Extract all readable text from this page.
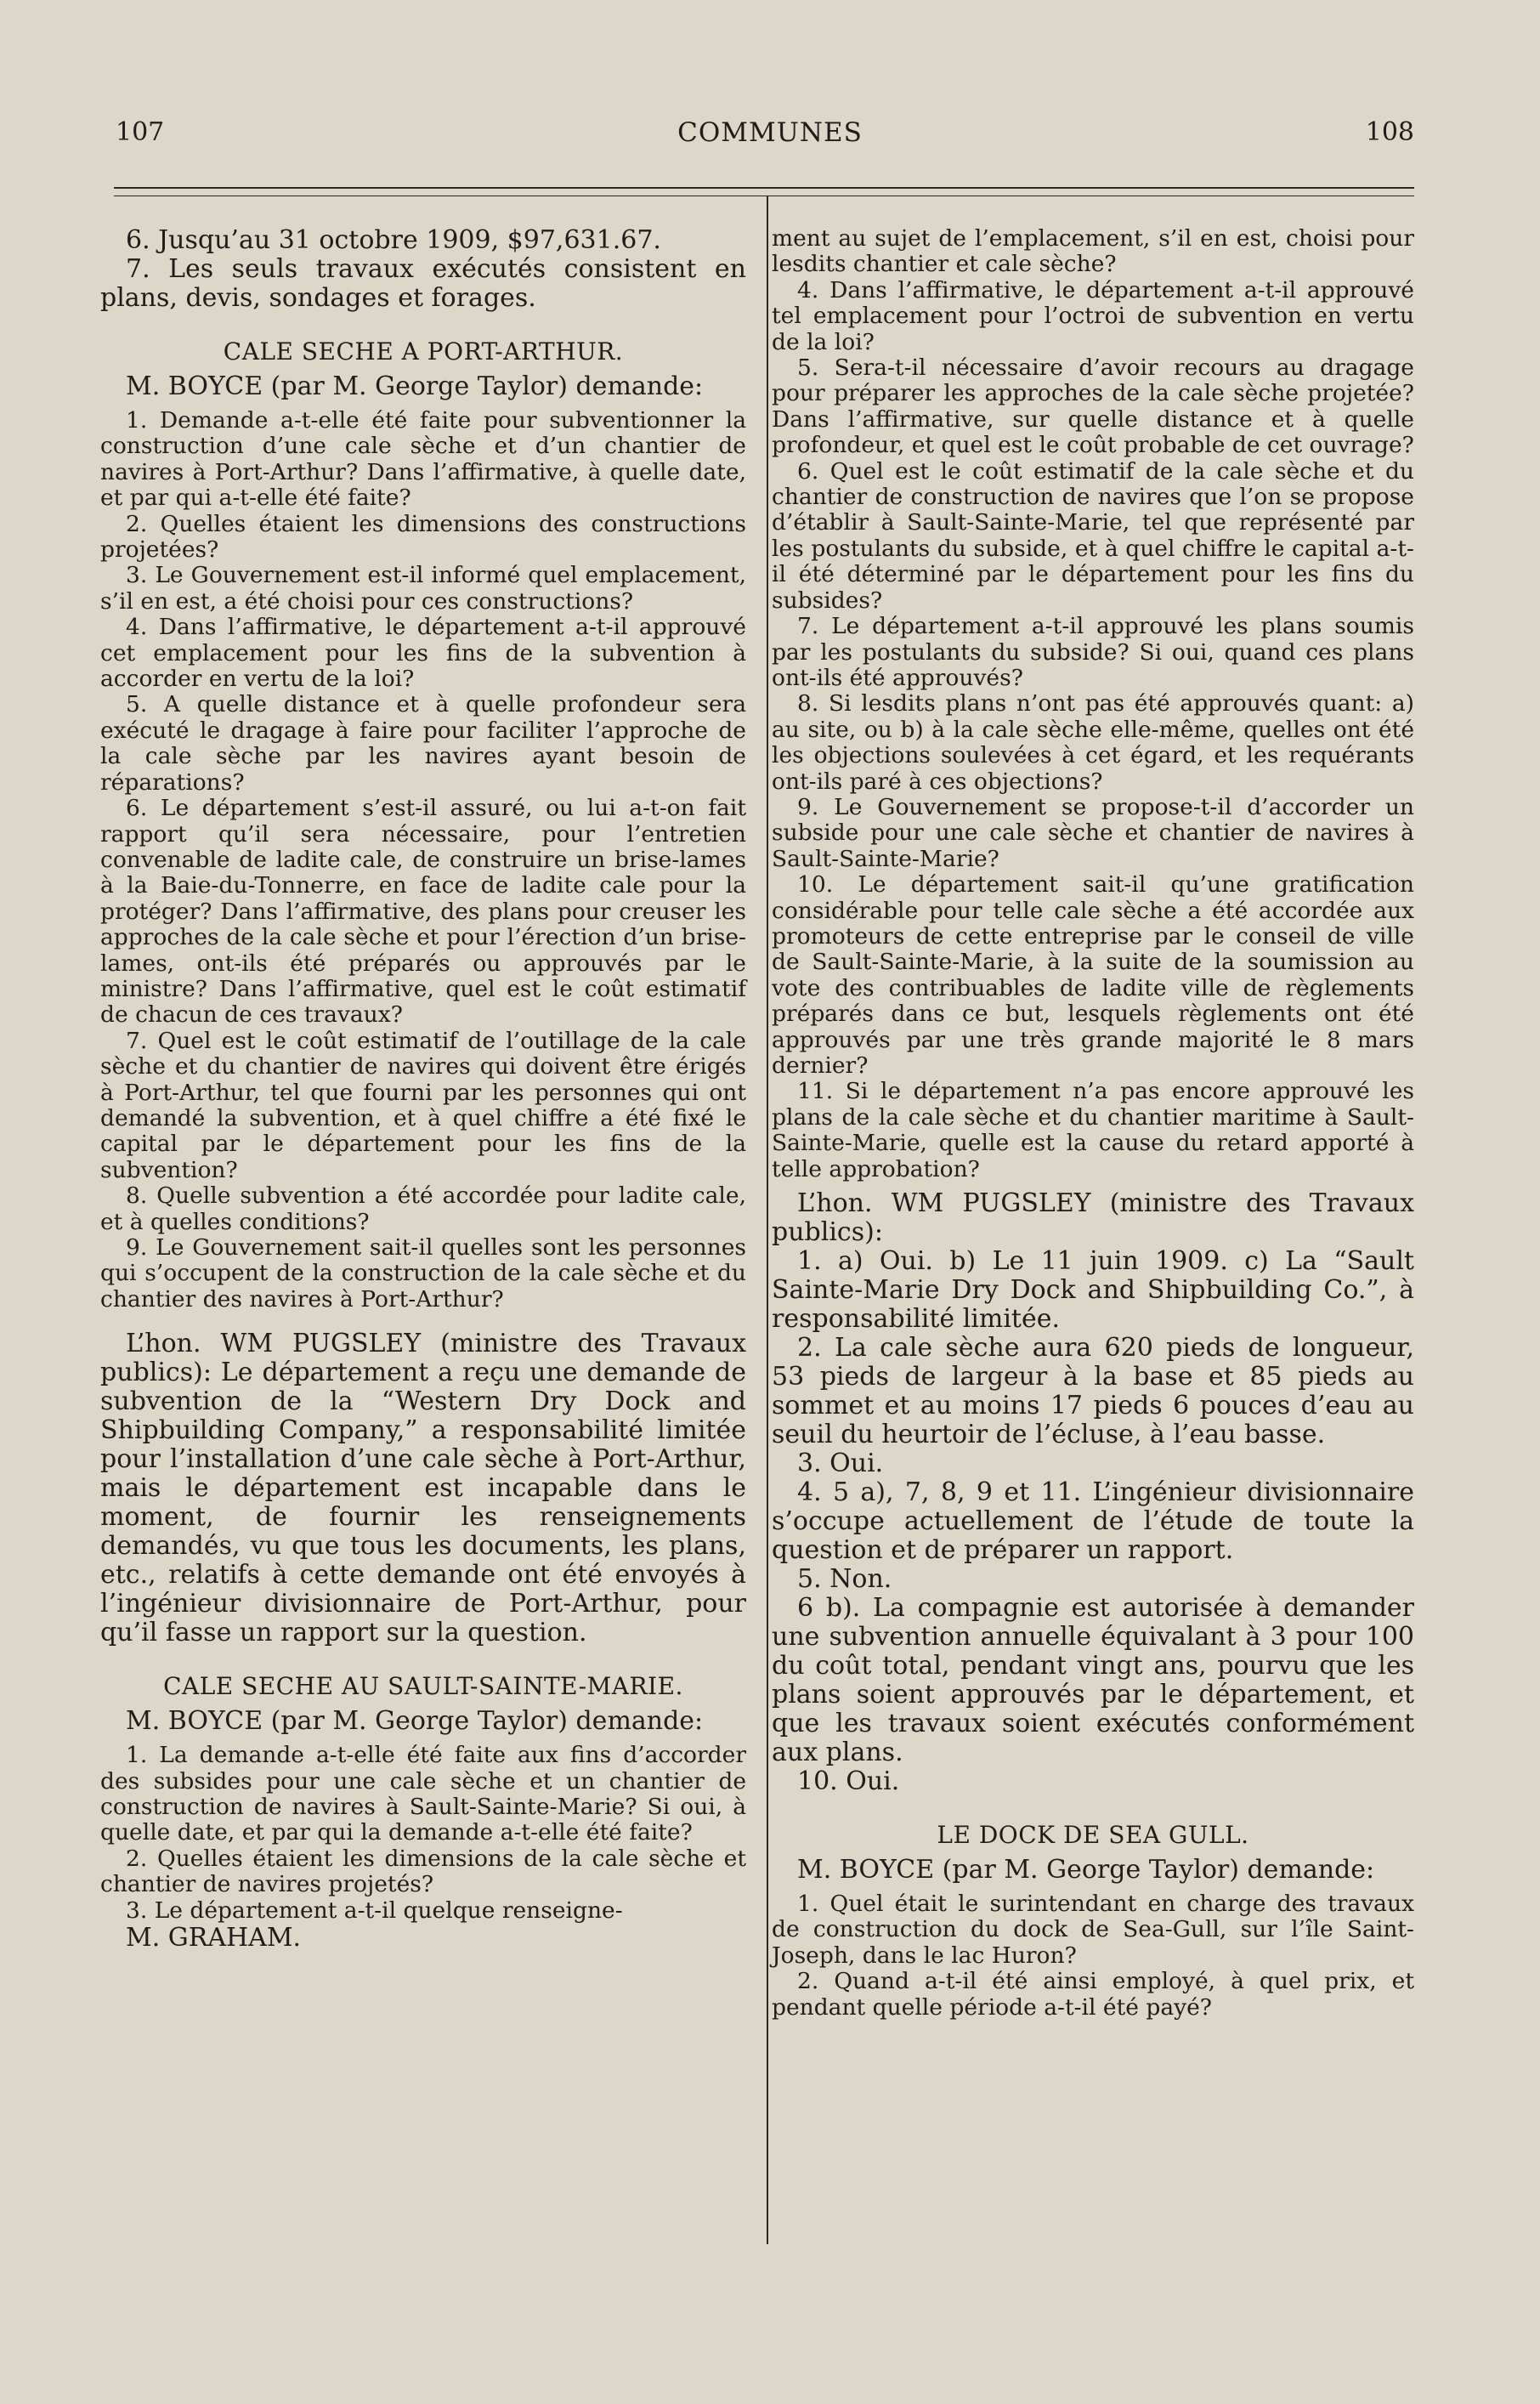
107	COMMUNES	108

6. Jusqu’au 31 octobre 1909, $97,631.67.

7. Les seuls travaux exécutés consistent en plans, devis, sondages et forages.

CALE SECHE A PORT-ARTHUR.

M. BOYCE (par M. George Taylor) demande:

1. Demande a-t-elle été faite pour subventionner la construction d’une cale sèche et d’un chantier de navires à Port-Arthur? Dans l’affirmative, à quelle date, et par qui a-t-elle été faite?

2. Quelles étaient les dimensions des constructions projetées?

3. Le Gouvernement est-il informé quel emplacement, s’il en est, a été choisi pour ces constructions?

4. Dans l’affirmative, le département a-t-il approuvé cet emplacement pour les fins de la subvention à accorder en vertu de la loi?

5. A quelle distance et à quelle profondeur sera exécuté le dragage à faire pour faciliter l’approche de la cale sèche par les navires ayant besoin de réparations?

6. Le département s’est-il assuré, ou lui a-t-on fait rapport qu’il sera nécessaire, pour l’entretien convenable de ladite cale, de construire un brise-lames à la Baie-du-Tonnerre, en face de ladite cale pour la protéger? Dans l’affirmative, des plans pour creuser les approches de la cale sèche et pour l’érection d’un brise-lames, ont-ils été préparés ou approuvés par le ministre? Dans l’affirmative, quel est le coût estimatif de chacun de ces travaux?

7. Quel est le coût estimatif de l’outillage de la cale sèche et du chantier de navires qui doivent être érigés à Port-Arthur, tel que fourni par les personnes qui ont demandé la subvention, et à quel chiffre a été fixé le capital par le département pour les fins de la subvention?

8. Quelle subvention a été accordée pour ladite cale, et à quelles conditions?

9. Le Gouvernement sait-il quelles sont les personnes qui s’occupent de la construction de la cale sèche et du chantier des navires à Port-Arthur?

L’hon. WM PUGSLEY (ministre des Travaux publics): Le département a reçu une demande de subvention de la “Western Dry Dock and Shipbuilding Company,” a responsabilité limitée pour l’installation d’une cale sèche à Port-Arthur, mais le département est incapable dans le moment, de fournir les renseignements demandés, vu que tous les documents, les plans, etc., relatifs à cette demande ont été envoyés à l’ingénieur divisionnaire de Port-Arthur, pour qu’il fasse un rapport sur la question.

CALE SECHE AU SAULT-SAINTE-MARIE.

M. BOYCE (par M. George Taylor) demande:

1. La demande a-t-elle été faite aux fins d’accorder des subsides pour une cale sèche et un chantier de construction de navires à Sault-Sainte-Marie? Si oui, à quelle date, et par qui la demande a-t-elle été faite?

2. Quelles étaient les dimensions de la cale sèche et chantier de navires projetés?

3. Le département a-t-il quelque renseigne-

M. GRAHAM.

ment au sujet de l’emplacement, s’il en est, choisi pour lesdits chantier et cale sèche?

4. Dans l’affirmative, le département a-t-il approuvé tel emplacement pour l’octroi de subvention en vertu de la loi?

5. Sera-t-il nécessaire d’avoir recours au dragage pour préparer les approches de la cale sèche projetée? Dans l’affirmative, sur quelle distance et à quelle profondeur, et quel est le coût probable de cet ouvrage?

6. Quel est le coût estimatif de la cale sèche et du chantier de construction de navires que l’on se propose d’établir à Sault-Sainte-Marie, tel que représenté par les postulants du subside, et à quel chiffre le capital a-t-il été déterminé par le département pour les fins du subsides?

7. Le département a-t-il approuvé les plans soumis par les postulants du subside? Si oui, quand ces plans ont-ils été approuvés?

8. Si lesdits plans n’ont pas été approuvés quant: a) au site, ou b) à la cale sèche elle-même, quelles ont été les objections soulevées à cet égard, et les requérants ont-ils paré à ces objections?

9. Le Gouvernement se propose-t-il d’accorder un subside pour une cale sèche et chantier de navires à Sault-Sainte-Marie?

10. Le département sait-il qu’une gratification considérable pour telle cale sèche a été accordée aux promoteurs de cette entreprise par le conseil de ville de Sault-Sainte-Marie, à la suite de la soumission au vote des contribuables de ladite ville de règlements préparés dans ce but, lesquels règlements ont été approuvés par une très grande majorité le 8 mars dernier?

11. Si le département n’a pas encore approuvé les plans de la cale sèche et du chantier maritime à Sault-Sainte-Marie, quelle est la cause du retard apporté à telle approbation?

L’hon. WM PUGSLEY (ministre des Travaux publics):

1. a) Oui. b) Le 11 juin 1909. c) La “Sault Sainte-Marie Dry Dock and Shipbuilding Co.”, à responsabilité limitée.

2. La cale sèche aura 620 pieds de longueur, 53 pieds de largeur à la base et 85 pieds au sommet et au moins 17 pieds 6 pouces d’eau au seuil du heurtoir de l’écluse, à l’eau basse.

3. Oui.

4. 5 a), 7, 8, 9 et 11. L’ingénieur divisionnaire s’occupe actuellement de l’étude de toute la question et de préparer un rapport.

5. Non.

6 b). La compagnie est autorisée à demander une subvention annuelle équivalant à 3 pour 100 du coût total, pendant vingt ans, pourvu que les plans soient approuvés par le département, et que les travaux soient exécutés conformément aux plans.

10. Oui.

LE DOCK DE SEA GULL.

M. BOYCE (par M. George Taylor) demande:

1. Quel était le surintendant en charge des travaux de construction du dock de Sea-Gull, sur l’île Saint-Joseph, dans le lac Huron?

2. Quand a-t-il été ainsi employé, à quel prix, et pendant quelle période a-t-il été payé?
